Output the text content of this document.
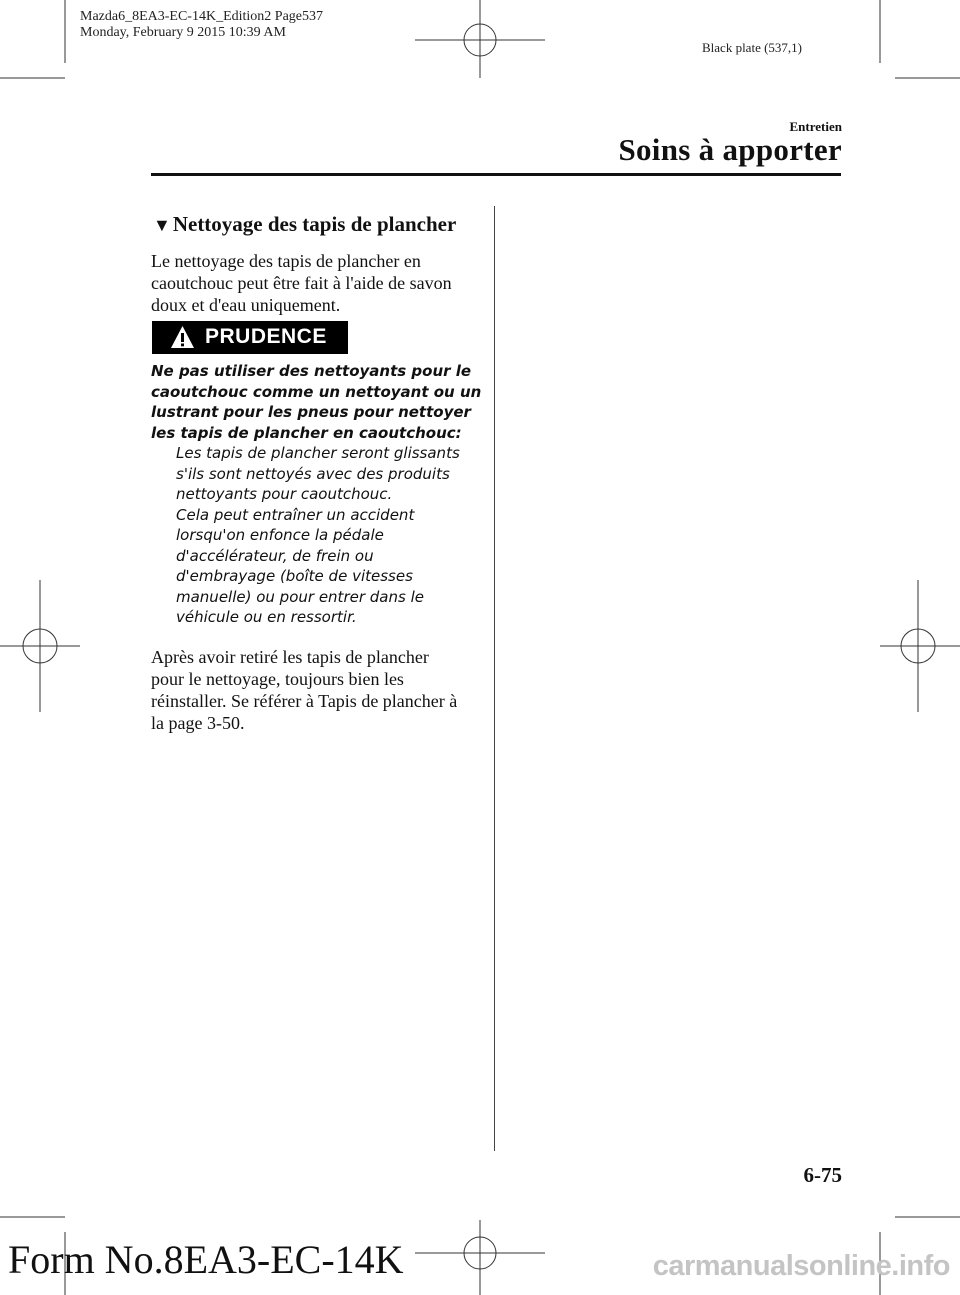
Mazda6_8EA3-EC-14K_Edition2 Page537
Monday, February 9 2015 10:39 AM
Black plate (537,1)
Entretien
Soins à apporter
▼Nettoyage des tapis de plancher
Le nettoyage des tapis de plancher en
caoutchouc peut être fait à l'aide de savon
doux et d'eau uniquement.
PRUDENCE
Ne pas utiliser des nettoyants pour le
caoutchouc comme un nettoyant ou un
lustrant pour les pneus pour nettoyer
les tapis de plancher en caoutchouc:
Les tapis de plancher seront glissants
s'ils sont nettoyés avec des produits
nettoyants pour caoutchouc.
Cela peut entraîner un accident
lorsqu'on enfonce la pédale
d'accélérateur, de frein ou
d'embrayage (boîte de vitesses
manuelle) ou pour entrer dans le
véhicule ou en ressortir.
Après avoir retiré les tapis de plancher
pour le nettoyage, toujours bien les
réinstaller. Se référer à Tapis de plancher à
la page 3-50.
6-75
Form No.8EA3-EC-14K	carmanualsonline.info
